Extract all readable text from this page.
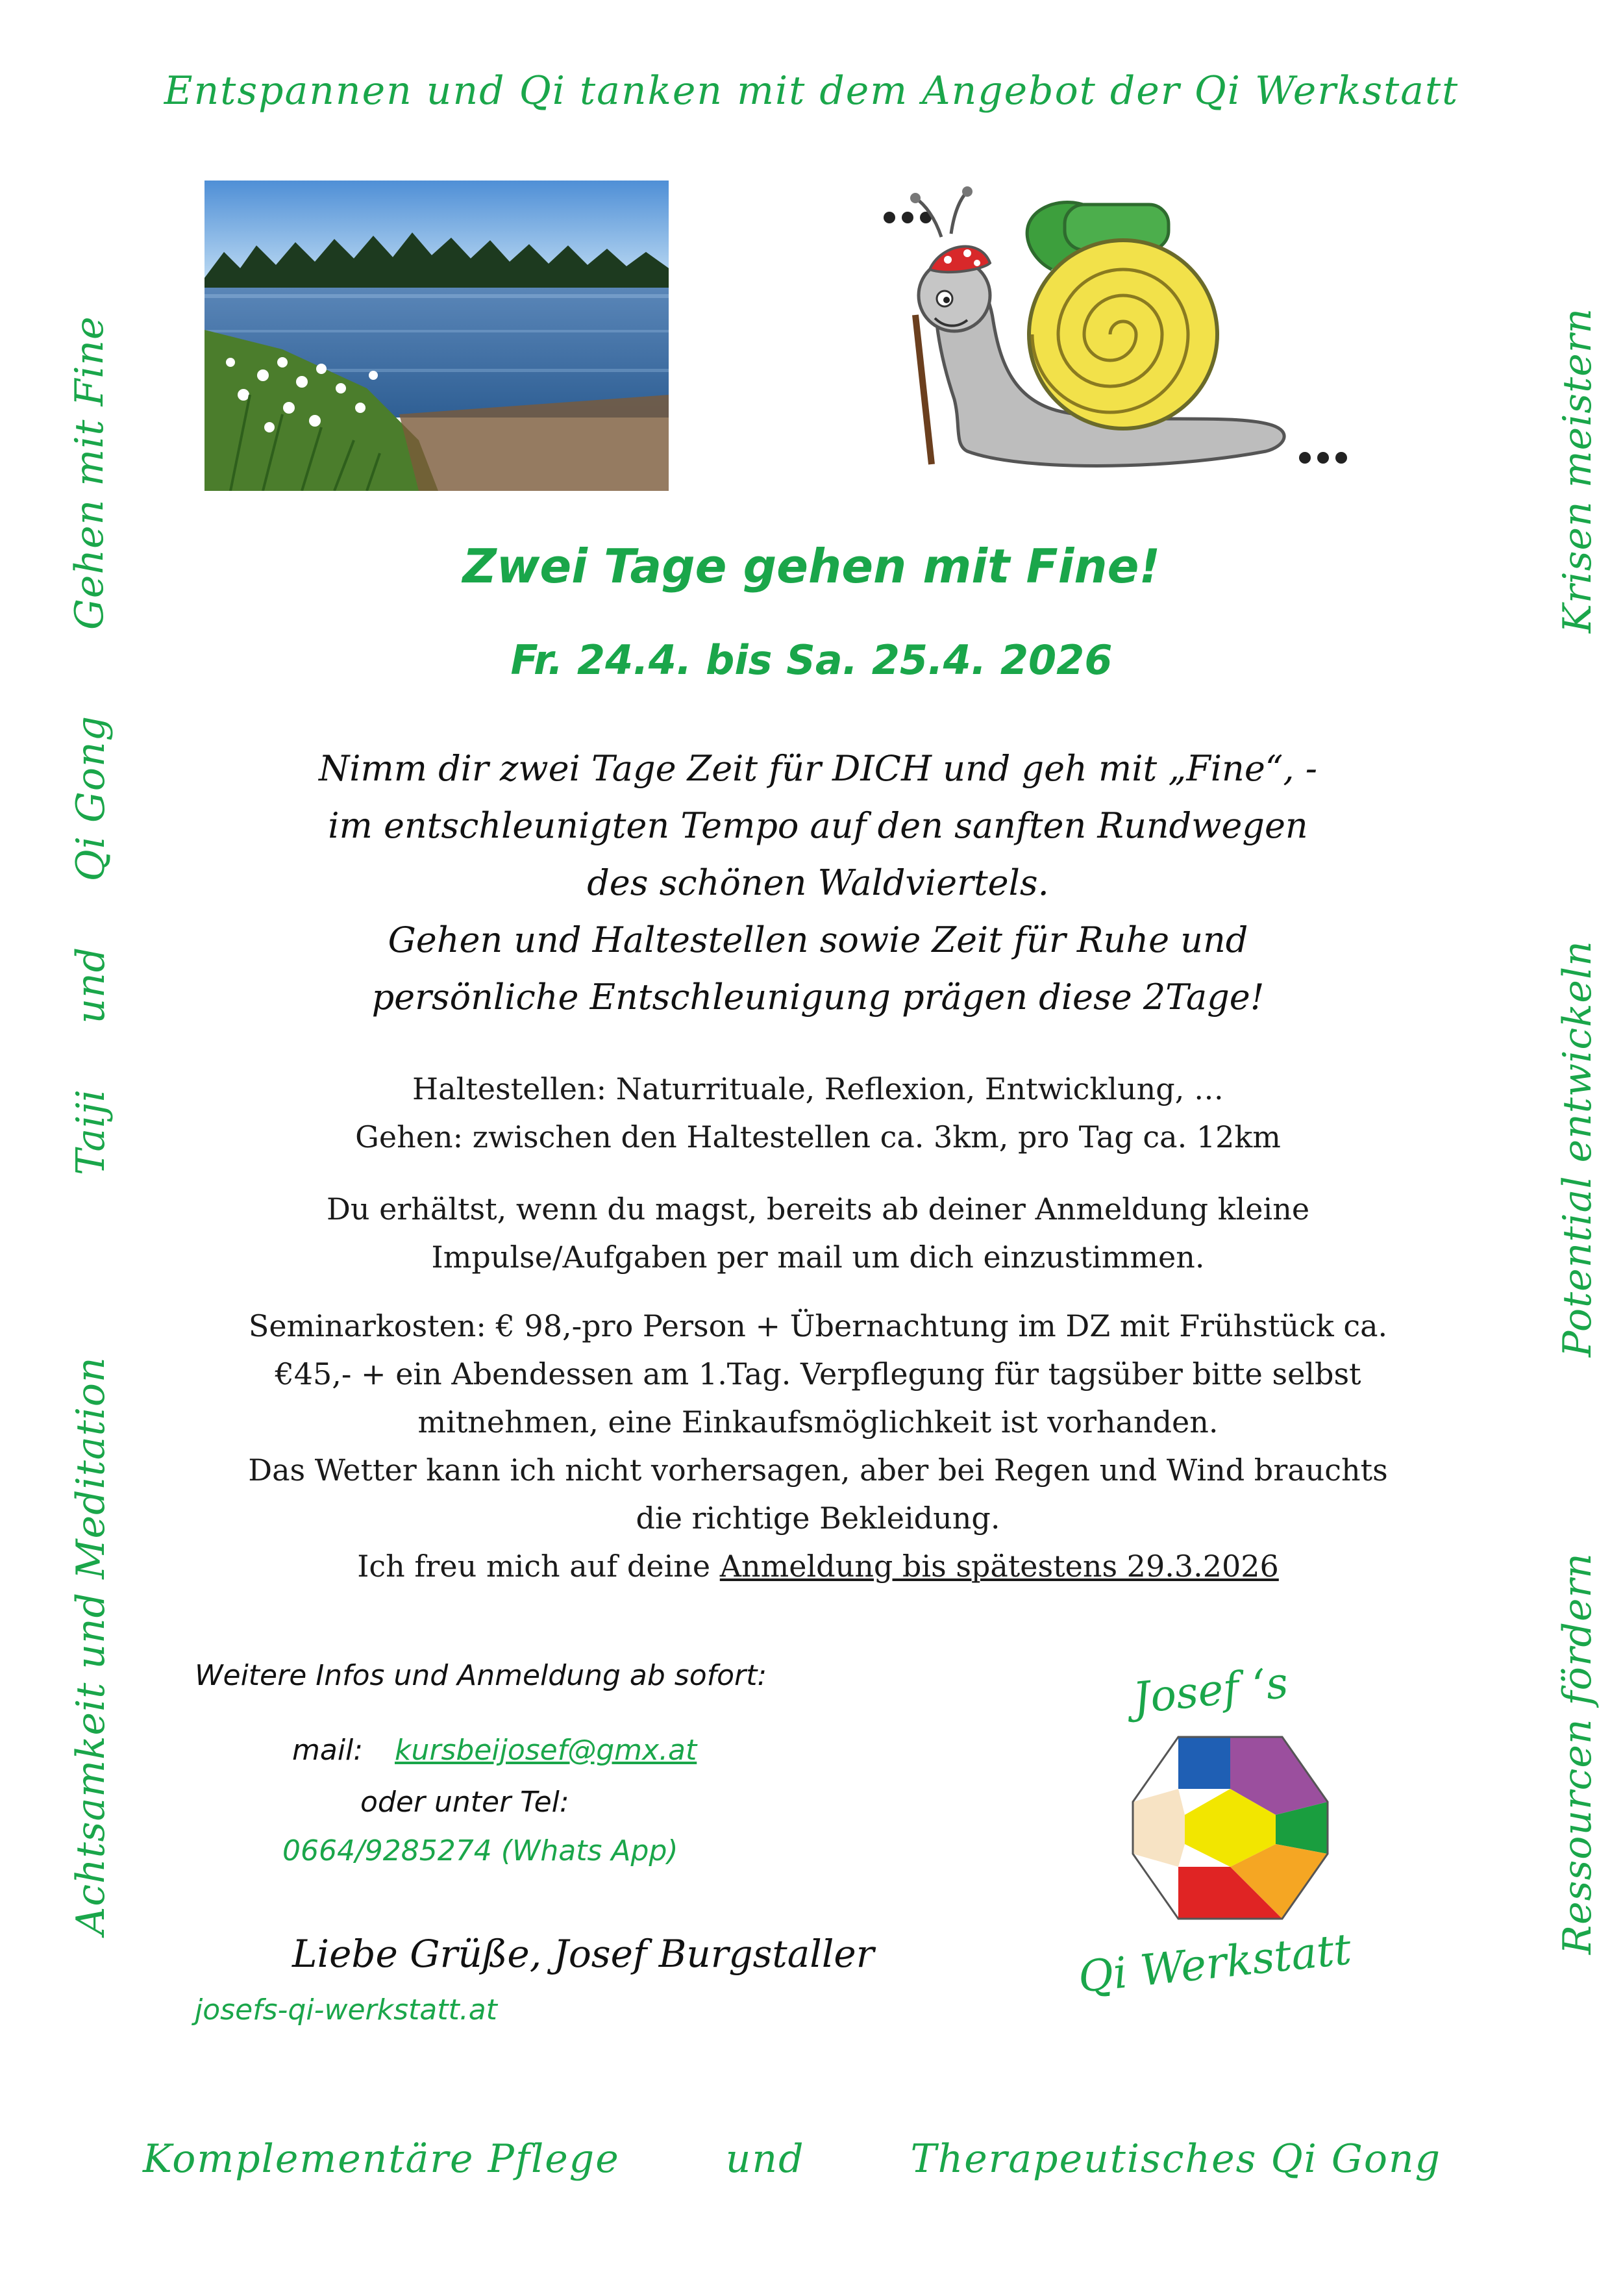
Entspannen und Qi tanken mit dem Angebot der Qi Werkstatt
Gehen mit Fine
Taiji     und     Qi Gong
Achtsamkeit und Meditation
Krisen meistern
Potential entwickeln
Ressourcen fördern
Zwei Tage gehen mit Fine!
Fr. 24.4. bis Sa. 25.4. 2026
Nimm dir zwei Tage Zeit für DICH und geh mit „Fine“, -
im entschleunigten Tempo auf den sanften Rundwegen
des schönen Waldviertels.
Gehen und Haltestellen sowie Zeit für Ruhe und
persönliche Entschleunigung prägen diese 2Tage!
Haltestellen: Naturrituale, Reflexion, Entwicklung, …
Gehen: zwischen den Haltestellen ca. 3km, pro Tag ca. 12km
Du erhältst, wenn du magst, bereits ab deiner Anmeldung kleine
Impulse/Aufgaben per mail um dich einzustimmen.
Seminarkosten: € 98,-pro Person + Übernachtung im DZ mit Frühstück ca.
€45,- + ein Abendessen am 1.Tag. Verpflegung für tagsüber bitte selbst
mitnehmen, eine Einkaufsmöglichkeit ist vorhanden.
Das Wetter kann ich nicht vorhersagen, aber bei Regen und Wind brauchts
die richtige Bekleidung.
Ich freu mich auf deine Anmeldung bis spätestens 29.3.2026
Weitere Infos und Anmeldung ab sofort:
mail: kursbeijosef@gmx.at
oder unter Tel:
0664/9285274 (Whats App)
Liebe Grüße, Josef Burgstaller
josefs-qi-werkstatt.at
Josef ‘s
Qi Werkstatt
Komplementäre Pflege	und	Therapeutisches Qi Gong
